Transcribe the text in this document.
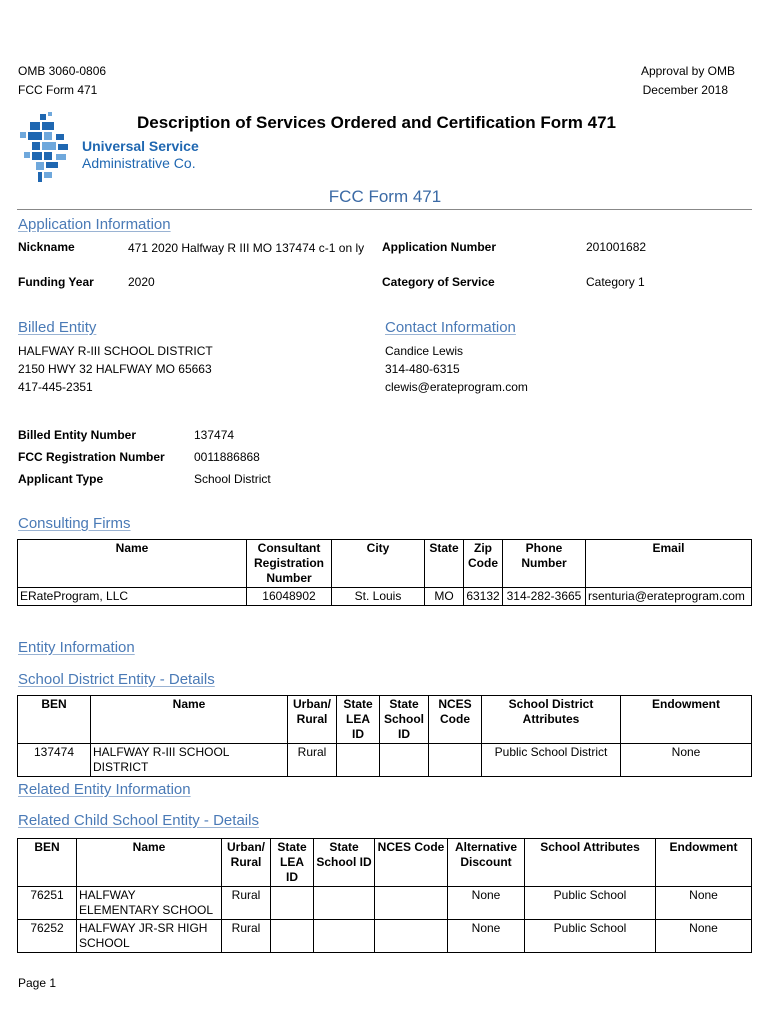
OMB 3060-0806
FCC Form 471
Approval by OMB
December 2018
Universal Service
Administrative Co.
Description of Services Ordered and Certification Form 471
FCC Form 471
Application Information
Nickname	471 2020 Halfway R III MO 137474 c-1 on ly	Application Number	201001682
Funding Year	2020	Category of Service	Category 1
Billed Entity
HALFWAY R-III SCHOOL DISTRICT
2150 HWY 32 HALFWAY MO 65663
417-445-2351
Contact Information
Candice Lewis
314-480-6315
clewis@erateprogram.com
Billed Entity Number	137474
FCC Registration Number 0011886868
Applicant Type	School District
Consulting Firms
Name	Consultant Registration Number	City	State	Zip Code	Phone Number	Email
ERateProgram, LLC	16048902	St. Louis	MO	63132	314-282-3665	rsenturia@erateprogram.com
Entity Information
School District Entity - Details
BEN	Name	Urban/ Rural	State LEA ID	State School ID	NCES Code	School District Attributes	Endowment
137474	HALFWAY R-III SCHOOL DISTRICT	Rural				Public School District	None
Related Entity Information
Related Child School Entity - Details
BEN	Name	Urban/ Rural	State LEA ID	State School ID	NCES Code	Alternative Discount	School Attributes	Endowment
76251	HALFWAY ELEMENTARY SCHOOL	Rural				None	Public School	None
76252	HALFWAY JR-SR HIGH SCHOOL	Rural				None	Public School	None
Page 1
